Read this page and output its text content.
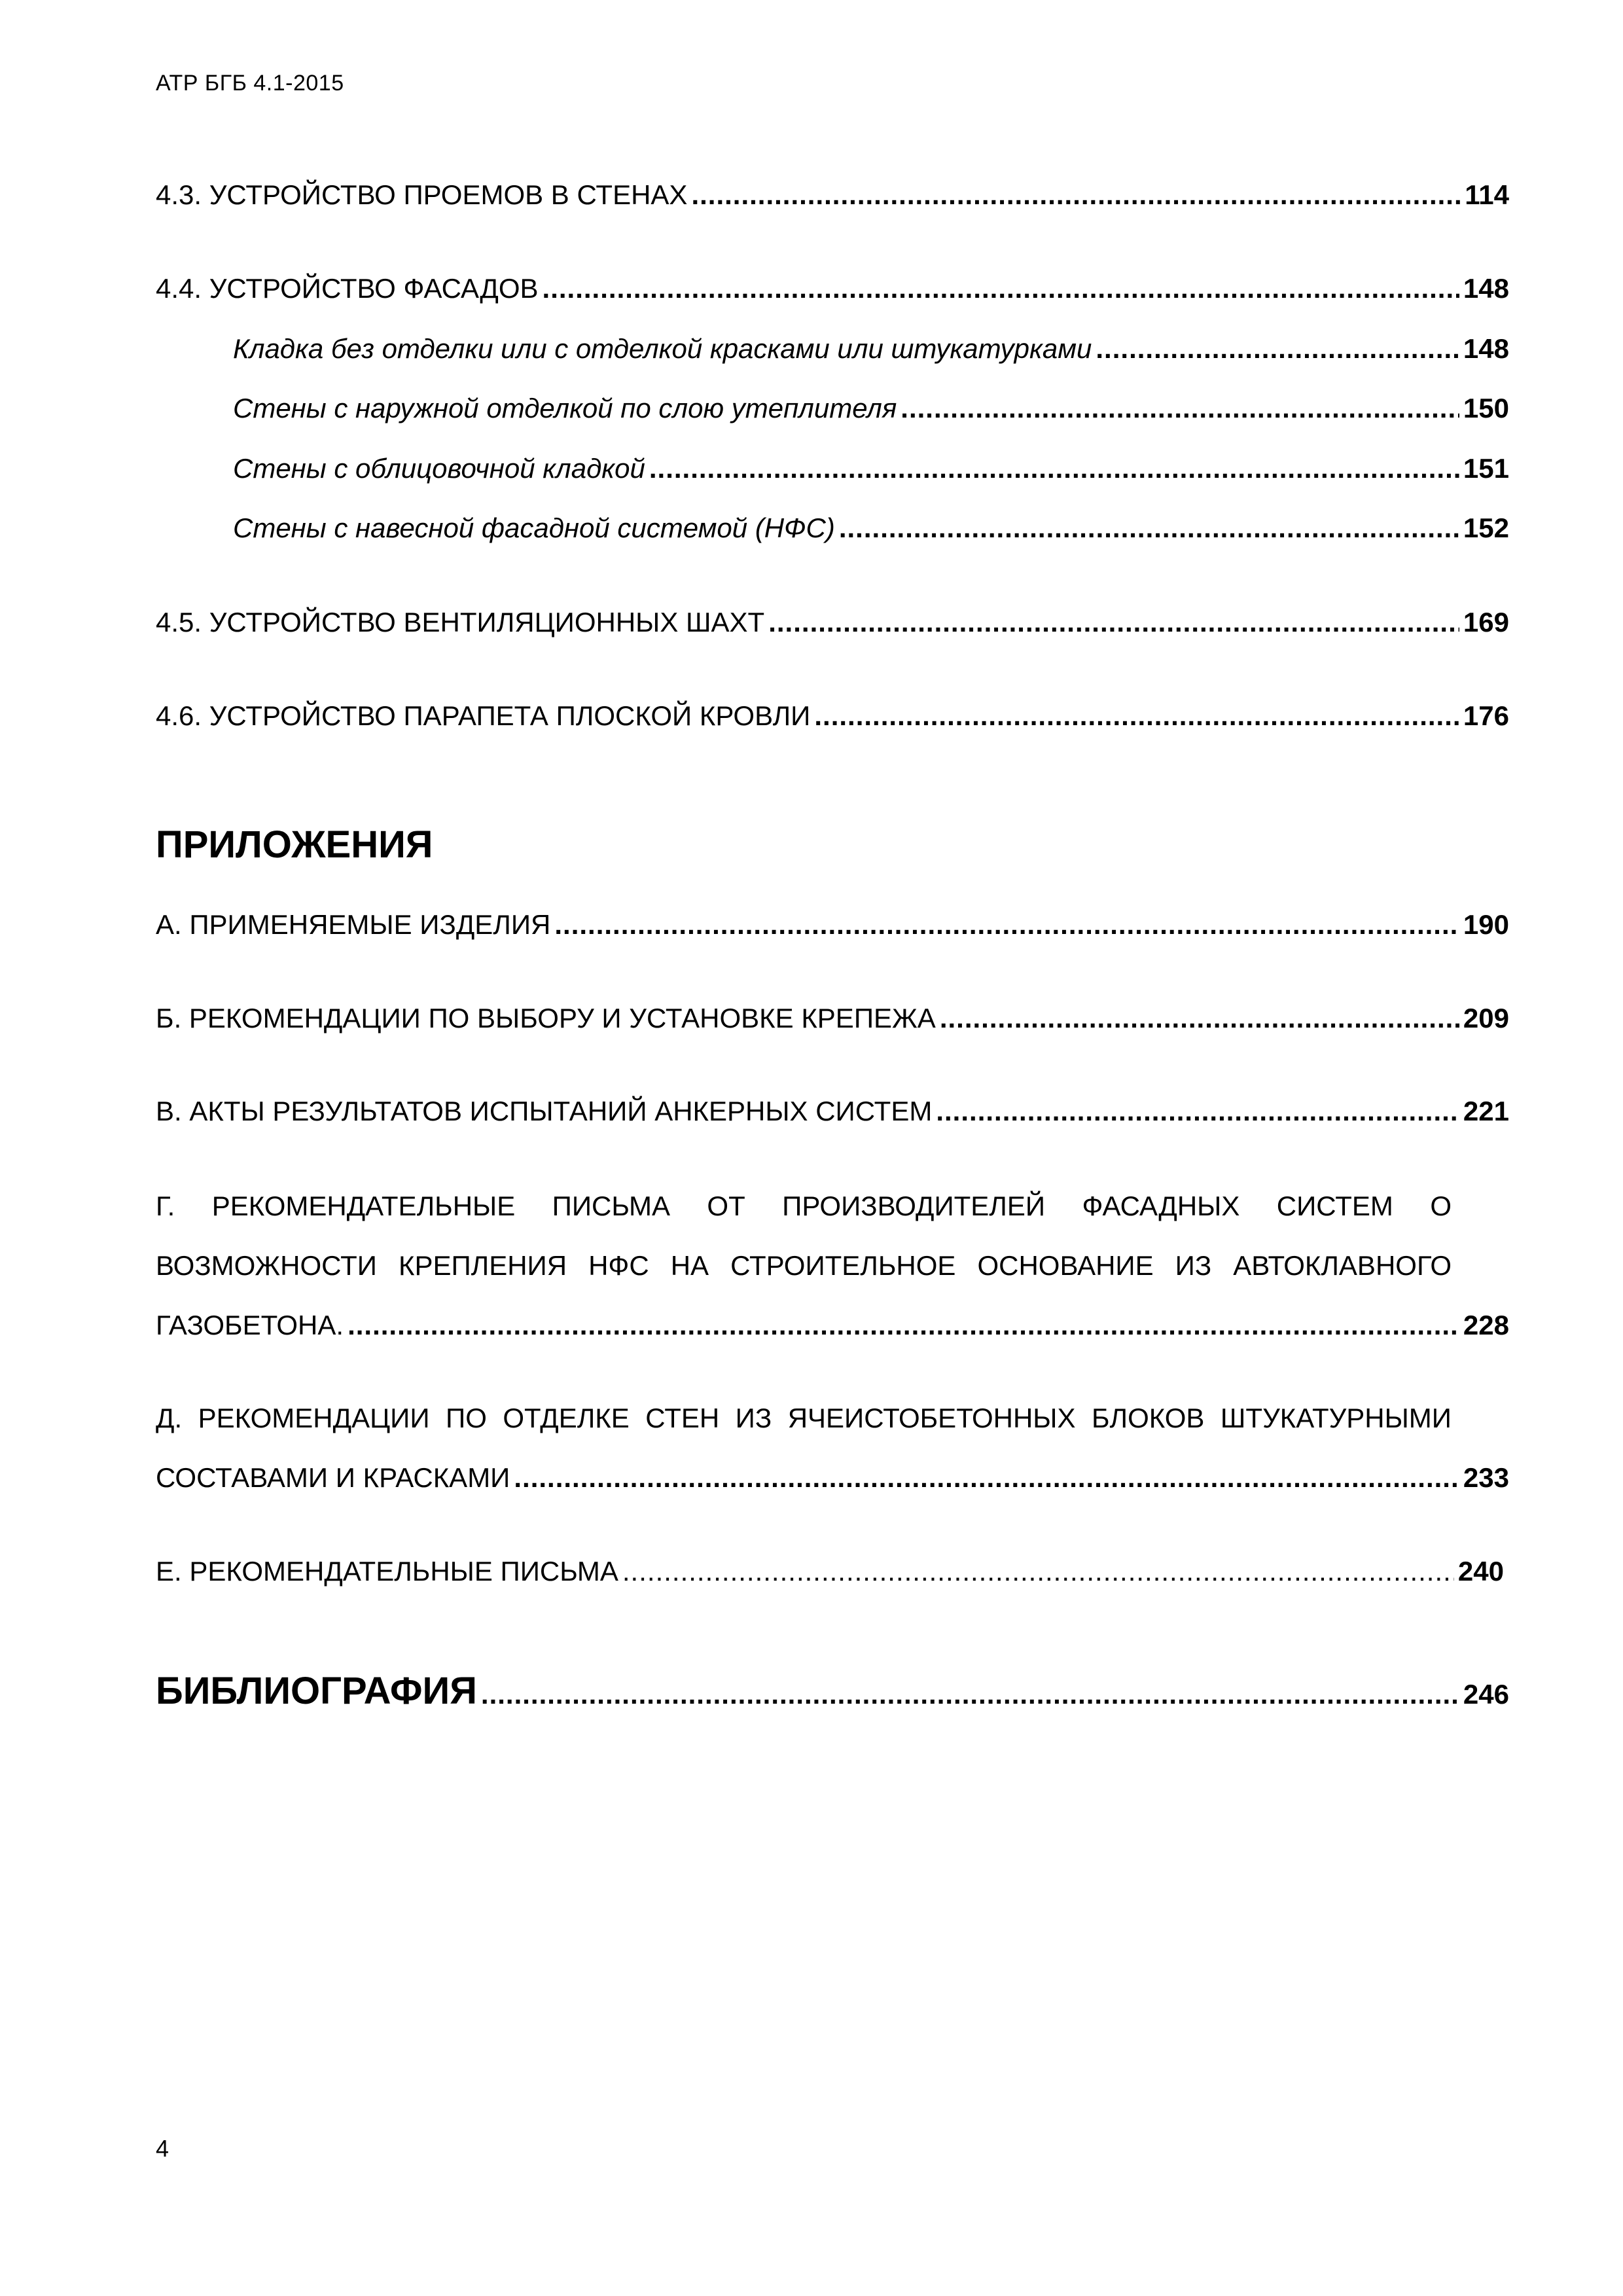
АТР БГБ 4.1-2015
4.3. УСТРОЙСТВО ПРОЕМОВ В СТЕНАХ .....	114
4.4. УСТРОЙСТВО ФАСАДОВ .....	148
Кладка без отделки или с отделкой красками или штукатурками .....	148
Стены с наружной отделкой по слою утеплителя .....	150
Стены с облицовочной кладкой .....	151
Стены с навесной фасадной системой (НФС) .....	152
4.5. УСТРОЙСТВО ВЕНТИЛЯЦИОННЫХ ШАХТ .....	169
4.6. УСТРОЙСТВО ПАРАПЕТА ПЛОСКОЙ КРОВЛИ .....	176
ПРИЛОЖЕНИЯ
А. ПРИМЕНЯЕМЫЕ ИЗДЕЛИЯ .....	190
Б. РЕКОМЕНДАЦИИ ПО ВЫБОРУ И УСТАНОВКЕ КРЕПЕЖА .....	209
В. АКТЫ РЕЗУЛЬТАТОВ ИСПЫТАНИЙ АНКЕРНЫХ СИСТЕМ .....	221
Г. РЕКОМЕНДАТЕЛЬНЫЕ ПИСЬМА ОТ ПРОИЗВОДИТЕЛЕЙ ФАСАДНЫХ СИСТЕМ О
ВОЗМОЖНОСТИ КРЕПЛЕНИЯ НФС НА СТРОИТЕЛЬНОЕ ОСНОВАНИЕ ИЗ АВТОКЛАВНОГО
ГАЗОБЕТОНА. .....	228
Д. РЕКОМЕНДАЦИИ ПО ОТДЕЛКЕ СТЕН ИЗ ЯЧЕИСТОБЕТОННЫХ БЛОКОВ ШТУКАТУРНЫМИ
СОСТАВАМИ И КРАСКАМИ .....	233
Е. РЕКОМЕНДАТЕЛЬНЫЕ ПИСЬМА .....	240
БИБЛИОГРАФИЯ .....	246
4
